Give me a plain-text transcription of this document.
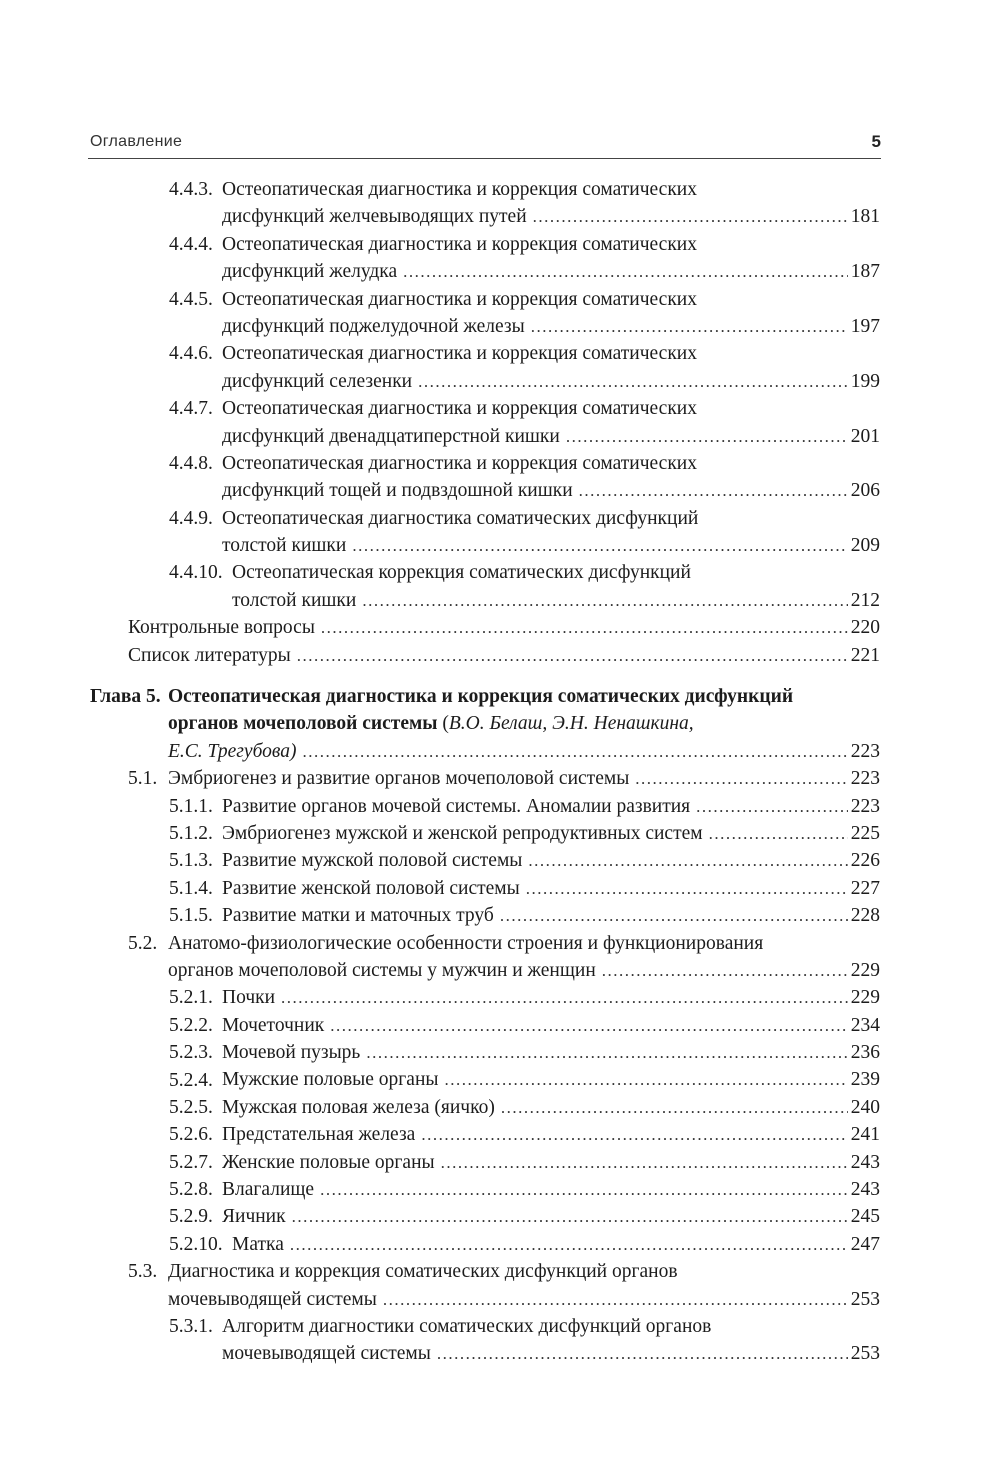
Оглавление	5
4.4.3. Остеопатическая диагностика и коррекция соматических
дисфункций желчевыводящих путей .....	181
4.4.4. Остеопатическая диагностика и коррекция соматических
дисфункций желудка .....	187
4.4.5. Остеопатическая диагностика и коррекция соматических
дисфункций поджелудочной железы .....	197
4.4.6. Остеопатическая диагностика и коррекция соматических
дисфункций селезенки .....	199
4.4.7. Остеопатическая диагностика и коррекция соматических
дисфункций двенадцатиперстной кишки .....	201
4.4.8. Остеопатическая диагностика и коррекция соматических
дисфункций тощей и подвздошной кишки .....	206
4.4.9. Остеопатическая диагностика соматических дисфункций
толстой кишки .....	209
4.4.10. Остеопатическая коррекция соматических дисфункций
толстой кишки .....	212
Контрольные вопросы .....	220
Список литературы .....	221
Глава 5. Остеопатическая диагностика и коррекция соматических дисфункций
органов мочеполовой системы (В.О. Белаш, Э.Н. Ненашкина,
Е.С. Трегубова) .....	223
5.1. Эмбриогенез и развитие органов мочеполовой системы .....	223
5.1.1. Развитие органов мочевой системы. Аномалии развития .....	223
5.1.2. Эмбриогенез мужской и женской репродуктивных систем .....	225
5.1.3. Развитие мужской половой системы .....	226
5.1.4. Развитие женской половой системы .....	227
5.1.5. Развитие матки и маточных труб .....	228
5.2. Анатомо-физиологические особенности строения и функционирования
органов мочеполовой системы у мужчин и женщин .....	229
5.2.1. Почки .....	229
5.2.2. Мочеточник .....	234
5.2.3. Мочевой пузырь .....	236
5.2.4. Мужские половые органы .....	239
5.2.5. Мужская половая железа (яичко) .....	240
5.2.6. Предстательная железа .....	241
5.2.7. Женские половые органы .....	243
5.2.8. Влагалище .....	243
5.2.9. Яичник .....	245
5.2.10. Матка .....	247
5.3. Диагностика и коррекция соматических дисфункций органов
мочевыводящей системы .....	253
5.3.1. Алгоритм диагностики соматических дисфункций органов
мочевыводящей системы .....	253
